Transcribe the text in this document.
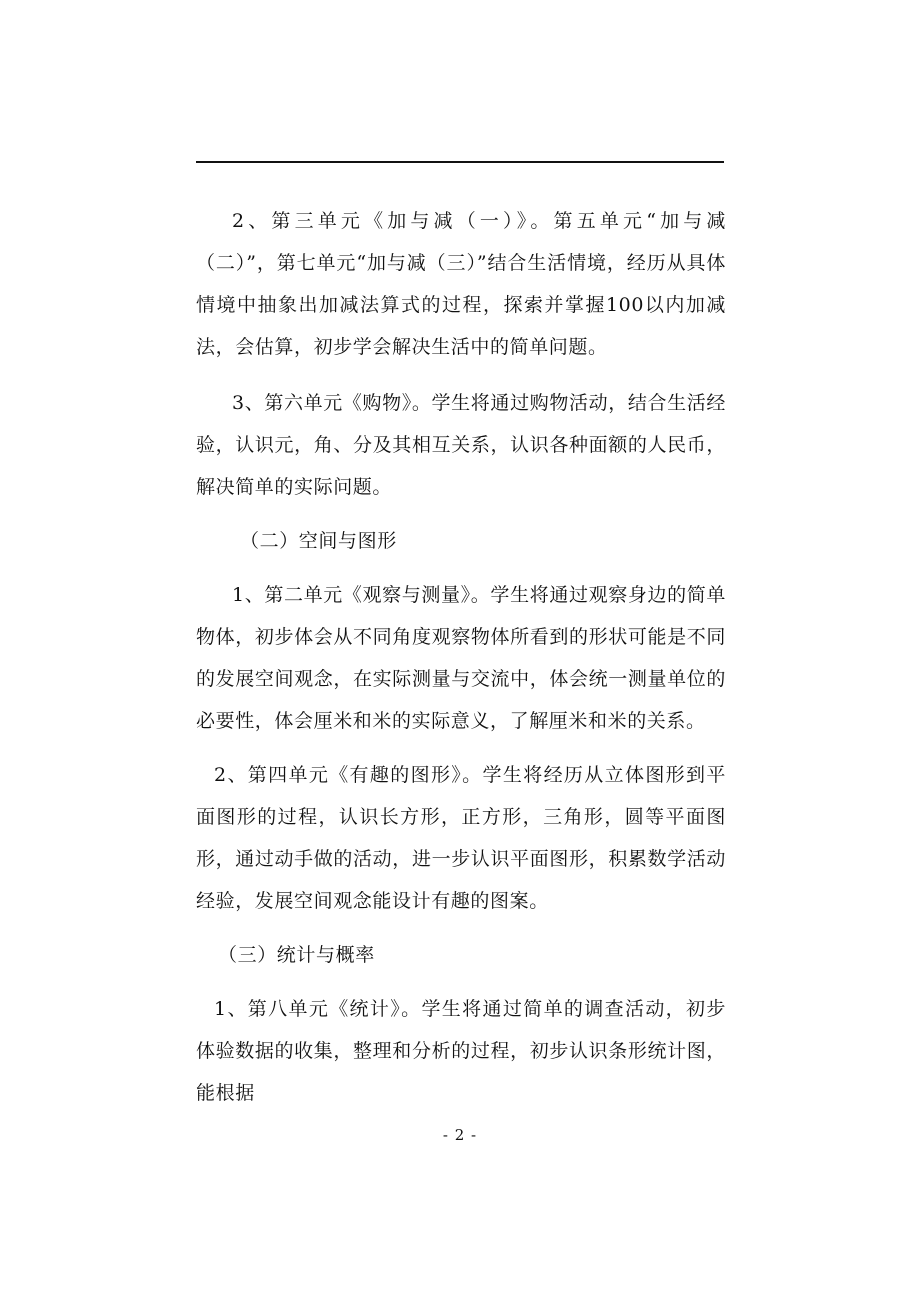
2、第三单元《加与减（一）》。第五单元“加与减（二）”，第七单元“加与减（三）”结合生活情境，经历从具体情境中抽象出加减法算式的过程，探索并掌握100以内加减法，会估算，初步学会解决生活中的简单问题。

3、第六单元《购物》。学生将通过购物活动，结合生活经验，认识元，角、分及其相互关系，认识各种面额的人民币，解决简单的实际问题。

（二）空间与图形

1、第二单元《观察与测量》。学生将通过观察身边的简单物体，初步体会从不同角度观察物体所看到的形状可能是不同的发展空间观念，在实际测量与交流中，体会统一测量单位的必要性，体会厘米和米的实际意义，了解厘米和米的关系。

2、第四单元《有趣的图形》。学生将经历从立体图形到平面图形的过程，认识长方形，正方形，三角形，圆等平面图形，通过动手做的活动，进一步认识平面图形，积累数学活动经验，发展空间观念能设计有趣的图案。

（三）统计与概率

1、第八单元《统计》。学生将通过简单的调查活动，初步体验数据的收集，整理和分析的过程，初步认识条形统计图，能根据

- 2 -
